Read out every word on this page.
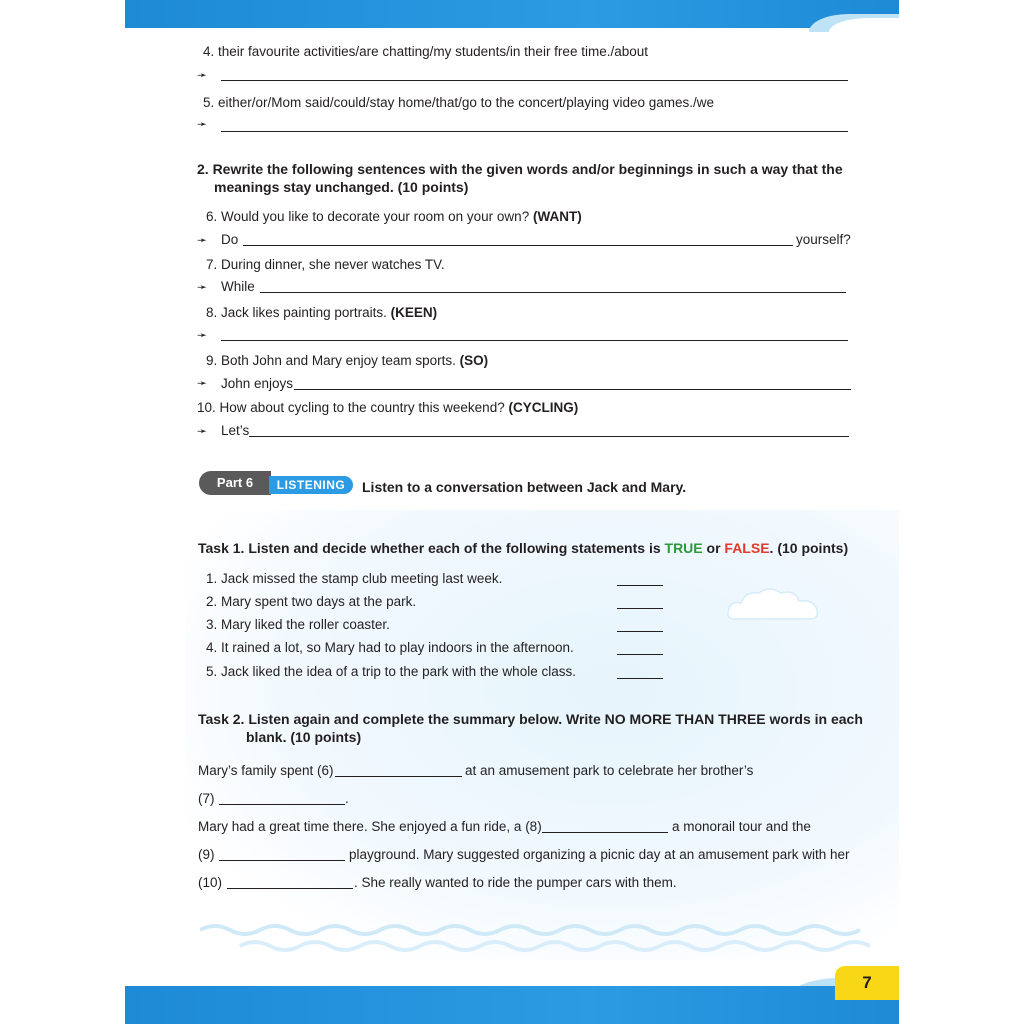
4. their favourite activities/are chatting/my students/in their free time./about
➛
5. either/or/Mom said/could/stay home/that/go to the concert/playing video games./we
➛
2. Rewrite the following sentences with the given words and/or beginnings in such a way that the
meanings stay unchanged. (10 points)
6. Would you like to decorate your room on your own? (WANT)
➛ Do	yourself?
7. During dinner, she never watches TV.
➛ While
8. Jack likes painting portraits. (KEEN)
➛
9. Both John and Mary enjoy team sports. (SO)
➛ John enjoys
10. How about cycling to the country this weekend? (CYCLING)
➛ Let’s
Part 6	LISTENING	Listen to a conversation between Jack and Mary.
Task 1. Listen and decide whether each of the following statements is TRUE or FALSE. (10 points)
1. Jack missed the stamp club meeting last week.
2. Mary spent two days at the park.
3. Mary liked the roller coaster.
4. It rained a lot, so Mary had to play indoors in the afternoon.
5. Jack liked the idea of a trip to the park with the whole class.
Task 2. Listen again and complete the summary below. Write NO MORE THAN THREE words in each
blank. (10 points)
Mary’s family spent (6)	at an amusement park to celebrate her brother’s
(7)	.
Mary had a great time there. She enjoyed a fun ride, a (8)	a monorail tour and the
(9)	playground. Mary suggested organizing a picnic day at an amusement park with her
(10)	. She really wanted to ride the pumper cars with them.
7
